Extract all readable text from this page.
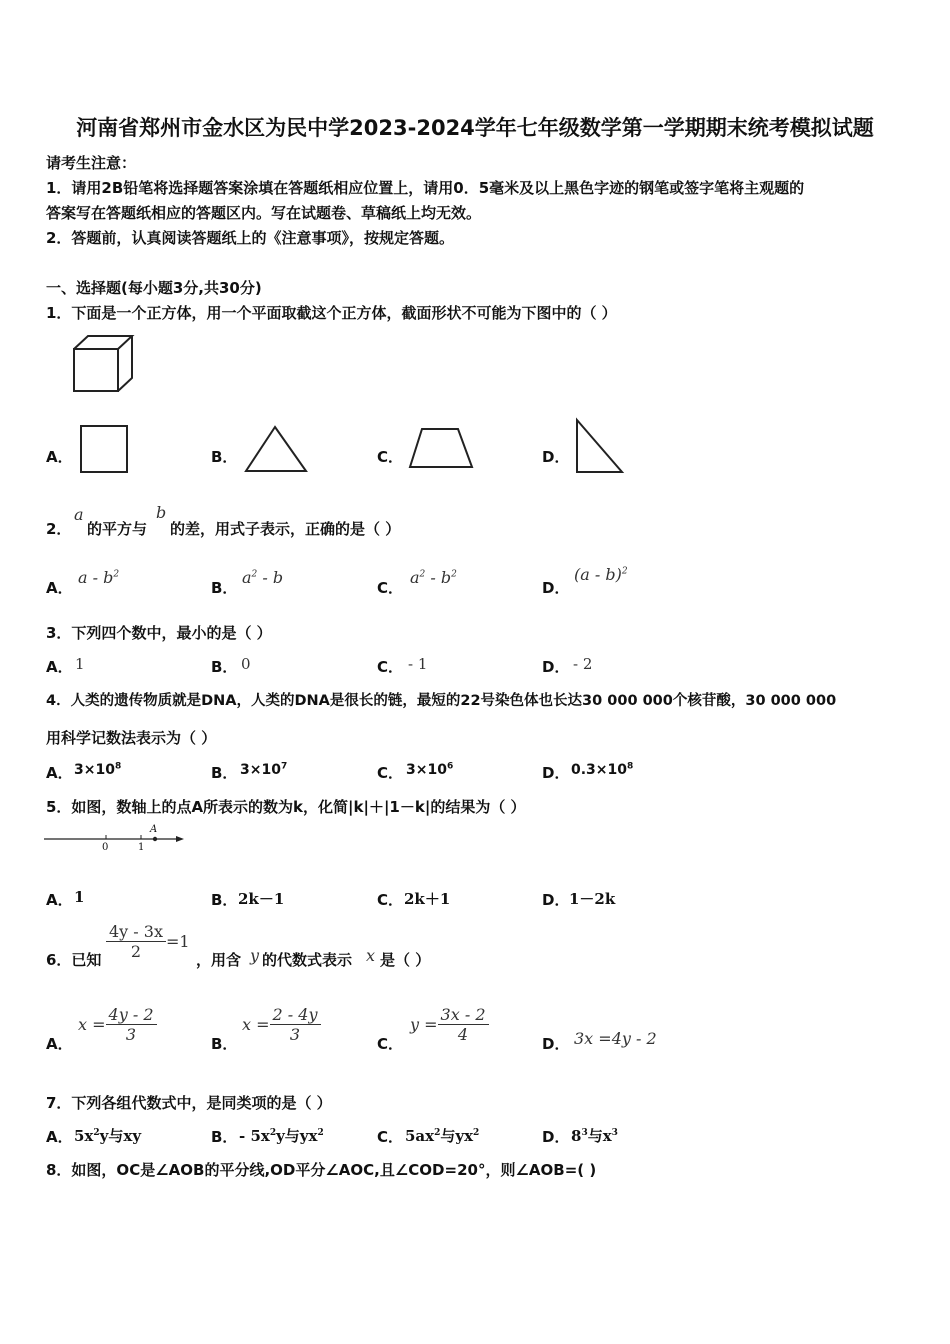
河南省郑州市金水区为民中学2023-2024学年七年级数学第一学期期末统考模拟试题
请考生注意：
1．请用2B铅笔将选择题答案涂填在答题纸相应位置上，请用0．5毫米及以上黑色字迹的钢笔或签字笔将主观题的
答案写在答题纸相应的答题区内。写在试题卷、草稿纸上均无效。
2．答题前，认真阅读答题纸上的《注意事项》，按规定答题。
一、选择题(每小题3分,共30分)
1．下面是一个正方体，用一个平面取截这个正方体，截面形状不可能为下图中的（ ）
A．	B．	C．	D．
2．
a
的平方与
b
的差，用式子表示，正确的是（ ）
A．
a - $b^2$
B．
$a^2$ - b
C．
$a^2 - b^2$
D．
(a - b)$^2$
3．下列四个数中，最小的是（ ）
A． 1	B． 0	C． - 1	D． - 2
4．人类的遗传物质就是DNA，人类的DNA是很长的链，最短的22号染色体也长达30 000 000个核苷酸，30 000 000
用科学记数法表示为（ ）
A． $3\times 10^8$	B． $3\times 10^7$	C． $3\times 10^6$	D． $0.3\times 10^8$
5．如图，数轴上的点A所表示的数为k，化简|k|＋|1－k|的结果为（ ）
0	1
A
A． 1	B． 2k－1	C． 2k＋1	D． 1－2k
6．已知 $\frac{4y - 3x}{2} =1$
，用含 y 的代数式表示 x 是（ ）
A．
$x = \frac{4y - 2}{3}$	B．
$x = \frac{2 - 4y}{3}$	C．
$y = \frac{3x - 2}{4}$	D． 3x =4y - 2
7．下列各组代数式中，是同类项的是（ ）
A． $5x^2y$与xy	B． - $5x^2y$与$yx^2$	C． $5ax^2$与$yx^2$	D． $8^3$与$x^3$
8．如图，OC是∠AOB的平分线,OD平分∠AOC,且∠COD=20°，则∠AOB=( )
